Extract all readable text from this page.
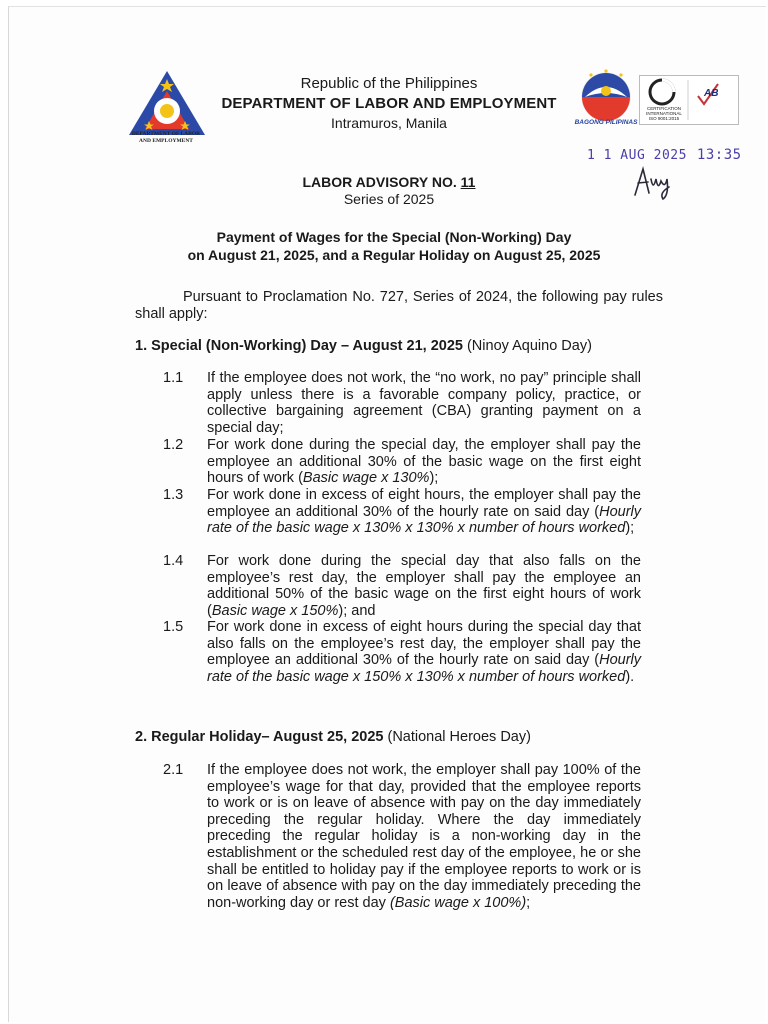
DEPARTMENT OF LABOR
AND EMPLOYMENT
Republic of the Philippines
DEPARTMENT OF LABOR AND EMPLOYMENT
Intramuros, Manila	BAGONG PILIPINAS
CERTIFICATION INTERNATIONAL ISO 9001:2015
AB
1 1 AUG 2025 13:35
LABOR ADVISORY NO. 11
Series of 2025
Payment of Wages for the Special (Non-Working) Day
on August 21, 2025, and a Regular Holiday on August 25, 2025
Pursuant to Proclamation No. 727, Series of 2024, the following pay rules shall apply:
1. Special (Non-Working) Day – August 21, 2025 (Ninoy Aquino Day)
1.1	If the employee does not work, the “no work, no pay” principle shall apply unless there is a favorable company policy, practice, or collective bargaining agreement (CBA) granting payment on a special day;
1.2	For work done during the special day, the employer shall pay the employee an additional 30% of the basic wage on the first eight hours of work (Basic wage x 130%);
1.3	For work done in excess of eight hours, the employer shall pay the employee an additional 30% of the hourly rate on said day (Hourly rate of the basic wage x 130% x 130% x number of hours worked);
1.4	For work done during the special day that also falls on the employee’s rest day, the employer shall pay the employee an additional 50% of the basic wage on the first eight hours of work (Basic wage x 150%); and
1.5	For work done in excess of eight hours during the special day that also falls on the employee’s rest day, the employer shall pay the employee an additional 30% of the hourly rate on said day (Hourly rate of the basic wage x 150% x 130% x number of hours worked).
2. Regular Holiday– August 25, 2025 (National Heroes Day)
2.1	If the employee does not work, the employer shall pay 100% of the employee’s wage for that day, provided that the employee reports to work or is on leave of absence with pay on the day immediately preceding the regular holiday. Where the day immediately preceding the regular holiday is a non-working day in the establishment or the scheduled rest day of the employee, he or she shall be entitled to holiday pay if the employee reports to work or is on leave of absence with pay on the day immediately preceding the non-working day or rest day (Basic wage x 100%);
